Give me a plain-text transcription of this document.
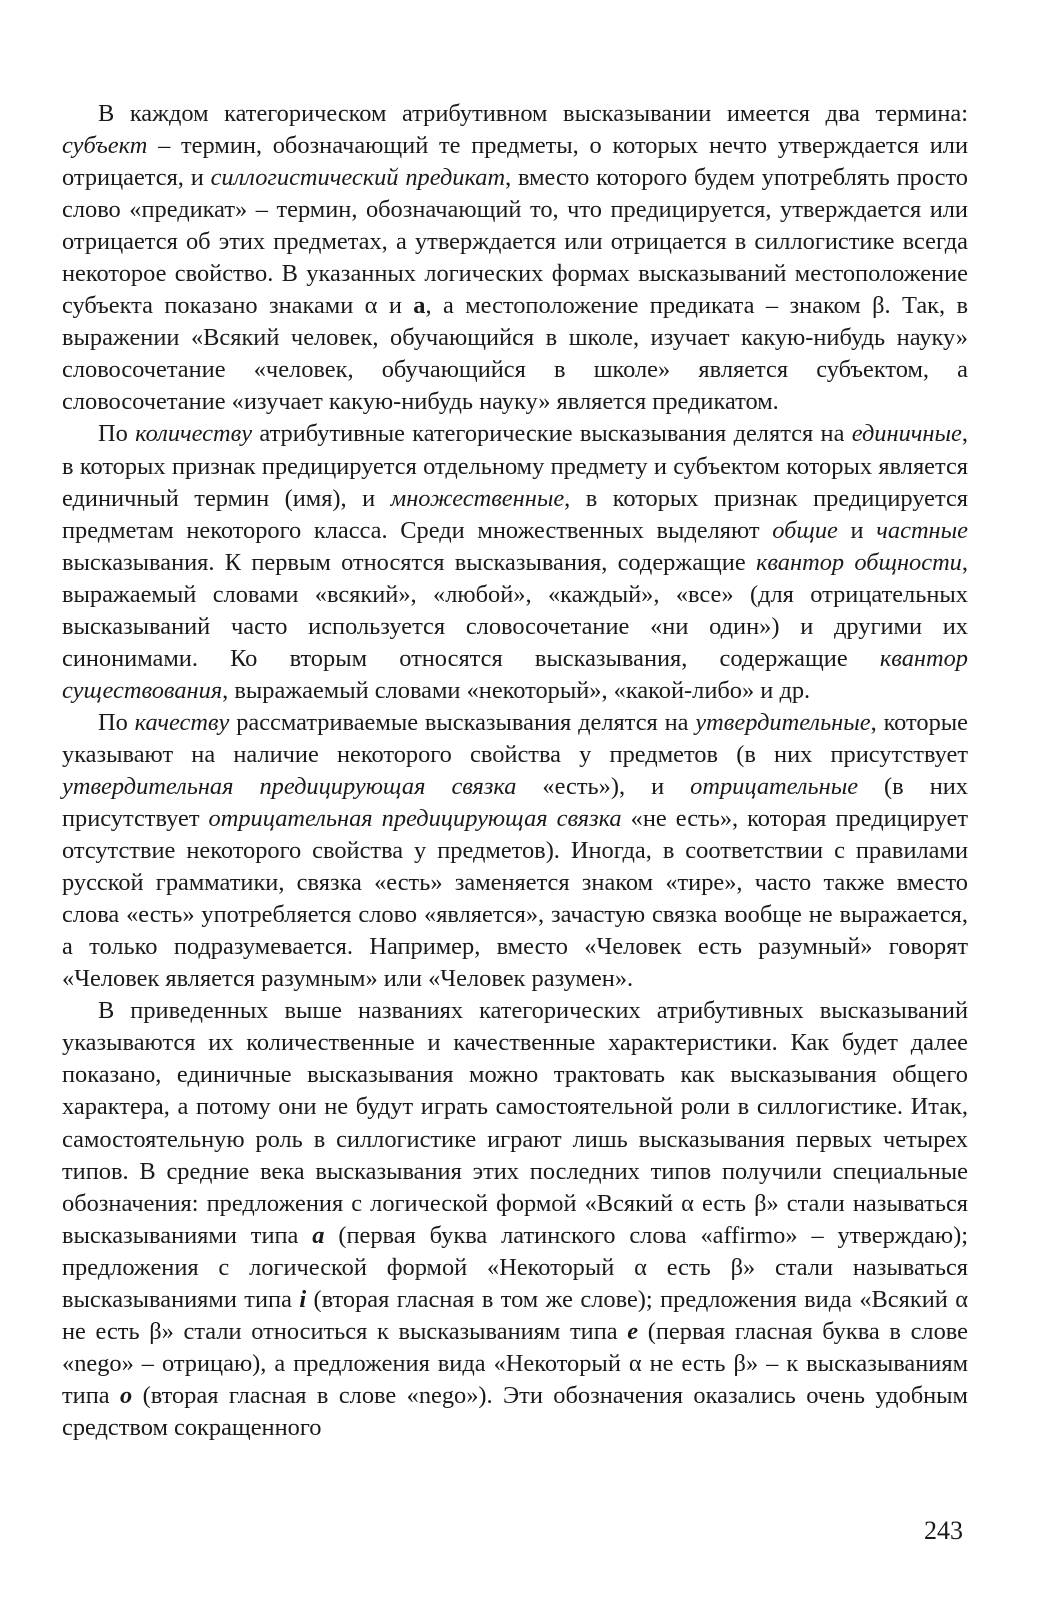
В каждом категорическом атрибутивном высказывании имеется два термина: субъект – термин, обозначающий те предметы, о которых нечто утверждается или отрицается, и силлогистический предикат, вместо которого будем употреблять просто слово «предикат» – термин, обозначающий то, что предицируется, утверждается или отрицается об этих предметах, а утверждается или отрицается в силлогистике всегда некоторое свойство. В указанных логических формах высказываний местоположение субъекта показано знаками α и а, а местоположение предиката – знаком β. Так, в выражении «Всякий человек, обучающийся в школе, изучает какую-нибудь науку» словосочетание «человек, обучающийся в школе» является субъектом, а словосочетание «изучает какую-нибудь науку» является предикатом.

По количеству атрибутивные категорические высказывания делятся на единичные, в которых признак предицируется отдельному предмету и субъектом которых является единичный термин (имя), и множественные, в которых признак предицируется предметам некоторого класса. Среди множественных выделяют общие и частные высказывания. К первым относятся высказывания, содержащие квантор общности, выражаемый словами «всякий», «любой», «каждый», «все» (для отрицательных высказываний часто используется словосочетание «ни один») и другими их синонимами. Ко вторым относятся высказывания, содержащие квантор существования, выражаемый словами «некоторый», «какой-либо» и др.

По качеству рассматриваемые высказывания делятся на утвердительные, которые указывают на наличие некоторого свойства у предметов (в них присутствует утвердительная предицирующая связка «есть»), и отрицательные (в них присутствует отрицательная предицирующая связка «не есть», которая предицирует отсутствие некоторого свойства у предметов). Иногда, в соответствии с правилами русской грамматики, связка «есть» заменяется знаком «тире», часто также вместо слова «есть» употребляется слово «является», зачастую связка вообще не выражается, а только подразумевается. Например, вместо «Человек есть разумный» говорят «Человек является разумным» или «Человек разумен».

В приведенных выше названиях категорических атрибутивных высказываний указываются их количественные и качественные характеристики. Как будет далее показано, единичные высказывания можно трактовать как высказывания общего характера, а потому они не будут играть самостоятельной роли в силлогистике. Итак, самостоятельную роль в силлогистике играют лишь высказывания первых четырех типов. В средние века высказывания этих последних типов получили специальные обозначения: предложения с логической формой «Всякий α есть β» стали называться высказываниями типа a (первая буква латинского слова «affirmo» – утверждаю); предложения с логической формой «Некоторый α есть β» стали называться высказываниями типа i (вторая гласная в том же слове); предложения вида «Всякий α не есть β» стали относиться к высказываниям типа e (первая гласная буква в слове «nego» – отрицаю), а предложения вида «Некоторый α не есть β» – к высказываниям типа o (вторая гласная в слове «nego»). Эти обозначения оказались очень удобным средством сокращенного

243
